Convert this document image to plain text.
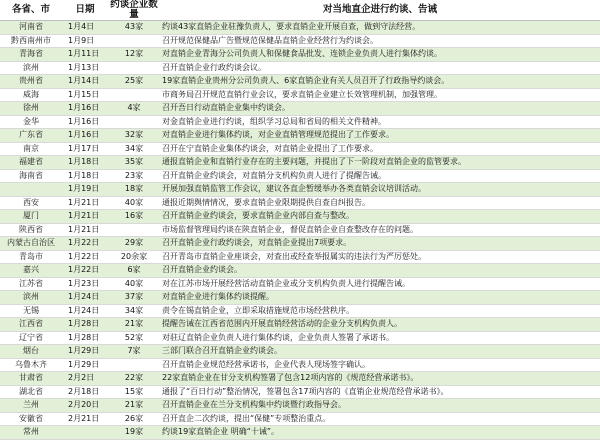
各省、市	日期	约谈企业数量	对当地直企进行约谈、告诫
河南省	1月4日	43家	约谈43家直销企业驻豫负责人，要求直销企业开展自查，做到守法经营。
黔西南州市	1月9日		召开规范保健品广告暨规范保健品直销企业经营行为约谈会。
青海省	1月11日	12家	对直销企业青海分公司负责人和保健食品批发、连锁企业负责人进行集体约谈。
滨州	1月13日		召开直销企业行政约谈会议。
贵州省	1月14日	25家	19家直销企业贵州分公司负责人、6家直销企业有关人员召开了行政指导约谈会。
威海	1月15日		市商务局召开规范直销行业会议，要求直销企业建立长效管理机制，加强管理。
徐州	1月16日	4家	召开吾日行动直销企业集中约谈会。
金华	1月16日		对金直销企业进行约谈，组织学习总局和省局的相关文件精神。
广东省	1月16日	32家	对直销企业进行集体约谈，对企业直销管理规范提出了工作要求。
南京	1月17日	34家	召开在宁直销企业集体约谈会，对直销企业提出了工作要求。
福建省	1月18日	35家	通报直销企业和直销行业存在的主要问题，并提出了下一阶段对直销企业的监管要求。
海南省	1月18日	23家	召开直销企业约谈会，对直销分支机构负责人进行了提醒告诫。
	1月19日	18家	开展加强直销监管工作会议，建议各直企暂缓举办各类直销会议培训活动。
西安	1月21日	40家	通报近期舆情情况，要求直销企业限期提供自查自纠报告。
厦门	1月21日	16家	召开直销企业约谈会，要求直销企业内部自查与整改。
陕西省	1月21日		市场监督管理局约谈在陕直销企业，督促直销企业自查整改存在的问题。
内蒙古自治区	1月22日	29家	召开直销企业行政约谈会，对直销企业提出7项要求。
青岛市	1月22日	20余家	召开青岛市直销企业座谈会，对查出或经查举报属实的违法行为严厉惩处。
嘉兴	1月22日	6家	召开直销企业约谈会。
江苏省	1月23日	40家	对在江苏市场开展经营活动直销企业或分支机构负责人进行提醒告诫。
滨州	1月24日	37家	对直销企业进行集体约谈提醒。
无锡	1月24日	34家	责令在锡直销企业，立即采取措施规范市场经营秩序。
江西省	1月28日	21家	提醒告诫在江西省范围内开展直销经营活动的企业分支机构负责人。
辽宁省	1月28日	52家	对驻辽直销企业负责人进行集体约谈，企业负责人签署了承诺书。
烟台	1月29日	7家	三部门联合召开直销企业约谈会。
乌鲁木齐	1月29日		召开直销企业规范经营承诺书，企业代表人现场签字确认。
甘肃省	2月2日	22家	22家直销企业在甘分支机构签署了包含12项内容的《规范经营承诺书》。
湖北省	2月18日	15家	通报了“百日行动”整治情况，签署包含17项内容的《直销企业规范经营承诺书》。
兰州	2月20日	21家	召开直销企业在兰分支机构集中约谈暨行政指导会。
安徽省	2月21日	26家	召开直企二次约谈，提出“保健”专项整治重点。
常州		19家	约谈19家直销企业 明确“十诫”。
